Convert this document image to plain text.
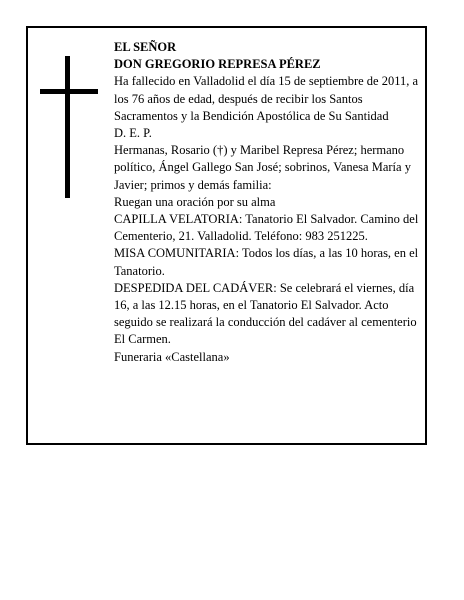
EL SEÑOR

DON GREGORIO REPRESA PÉREZ

Ha fallecido en Valladolid el día 15 de septiembre de 2011, a los 76 años de edad, después de recibir los Santos Sacramentos y la Bendición Apostólica de Su Santidad

D. E. P.

Hermanas, Rosario (†) y Maribel Represa Pérez; hermano político, Ángel Gallego San José; sobrinos, Vanesa María y Javier; primos y demás familia:

Ruegan una oración por su alma

CAPILLA VELATORIA: Tanatorio El Salvador. Camino del Cementerio, 21. Valladolid. Teléfono: 983 251225.

MISA COMUNITARIA: Todos los días, a las 10 horas, en el Tanatorio.

DESPEDIDA DEL CADÁVER: Se celebrará el viernes, día 16, a las 12.15 horas, en el Tanatorio El Salvador. Acto seguido se realizará la conducción del cadáver al cementerio El Carmen.

Funeraria «Castellana»
